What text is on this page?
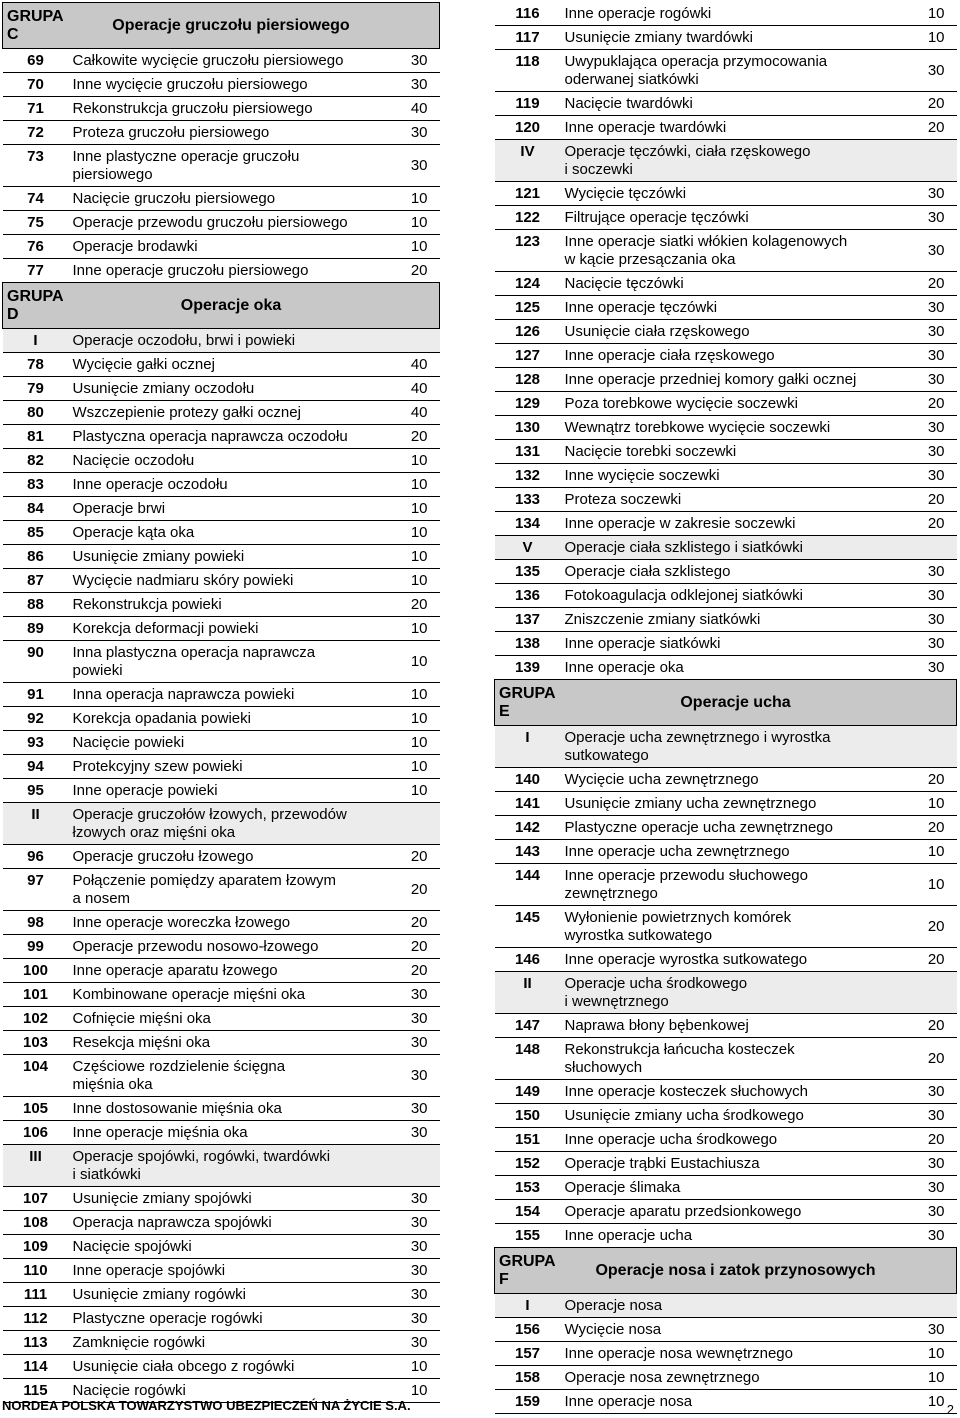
GRUPA
C	Operacje gruczołu piersiowego	
69	Całkowite wycięcie gruczołu piersiowego	30
70	Inne wycięcie gruczołu piersiowego	30
71	Rekonstrukcja gruczołu piersiowego	40
72	Proteza gruczołu piersiowego	30
73	Inne plastyczne operacje gruczołu
piersiowego	30
74	Nacięcie gruczołu piersiowego	10
75	Operacje przewodu gruczołu piersiowego	10
76	Operacje brodawki	10
77	Inne operacje gruczołu piersiowego	20
GRUPA
D	Operacje oka	
I	Operacje oczodołu, brwi i powieki	
78	Wycięcie gałki ocznej	40
79	Usunięcie zmiany oczodołu	40
80	Wszczepienie protezy gałki ocznej	40
81	Plastyczna operacja naprawcza oczodołu	20
82	Nacięcie oczodołu	10
83	Inne operacje oczodołu	10
84	Operacje brwi	10
85	Operacje kąta oka	10
86	Usunięcie zmiany powieki	10
87	Wycięcie nadmiaru skóry powieki	10
88	Rekonstrukcja powieki	20
89	Korekcja deformacji powieki	10
90	Inna plastyczna operacja naprawcza
powieki	10
91	Inna operacja naprawcza powieki	10
92	Korekcja opadania powieki	10
93	Nacięcie powieki	10
94	Protekcyjny szew powieki	10
95	Inne operacje powieki	10
II	Operacje gruczołów łzowych, przewodów
łzowych oraz mięśni oka	
96	Operacje gruczołu łzowego	20
97	Połączenie pomiędzy aparatem łzowym
a nosem	20
98	Inne operacje woreczka łzowego	20
99	Operacje przewodu nosowo-łzowego	20
100	Inne operacje aparatu łzowego	20
101	Kombinowane operacje mięśni oka	30
102	Cofnięcie mięśni oka	30
103	Resekcja mięśni oka	30
104	Częściowe rozdzielenie ścięgna
mięśnia oka	30
105	Inne dostosowanie mięśnia oka	30
106	Inne operacje mięśnia oka	30
III	Operacje spojówki, rogówki, twardówki
i siatkówki	
107	Usunięcie zmiany spojówki	30
108	Operacja naprawcza spojówki	30
109	Nacięcie spojówki	30
110	Inne operacje spojówki	30
111	Usunięcie zmiany rogówki	30
112	Plastyczne operacje rogówki	30
113	Zamknięcie rogówki	30
114	Usunięcie ciała obcego z rogówki	10
115	Nacięcie rogówki	10
116	Inne operacje rogówki	10
117	Usunięcie zmiany twardówki	10
118	Uwypuklająca operacja przymocowania
oderwanej siatkówki	30
119	Nacięcie twardówki	20
120	Inne operacje twardówki	20
IV	Operacje tęczówki, ciała rzęskowego
i soczewki	
121	Wycięcie tęczówki	30
122	Filtrujące operacje tęczówki	30
123	Inne operacje siatki włókien kolagenowych
w kącie przesączania oka	30
124	Nacięcie tęczówki	20
125	Inne operacje tęczówki	30
126	Usunięcie ciała rzęskowego	30
127	Inne operacje ciała rzęskowego	30
128	Inne operacje przedniej komory gałki ocznej	30
129	Poza torebkowe wycięcie soczewki	20
130	Wewnątrz torebkowe wycięcie soczewki	30
131	Nacięcie torebki soczewki	30
132	Inne wycięcie soczewki	30
133	Proteza soczewki	20
134	Inne operacje w zakresie soczewki	20
V	Operacje ciała szklistego i siatkówki	
135	Operacje ciała szklistego	30
136	Fotokoagulacja odklejonej siatkówki	30
137	Zniszczenie zmiany siatkówki	30
138	Inne operacje siatkówki	30
139	Inne operacje oka	30
GRUPA
E	Operacje ucha	
I	Operacje ucha zewnętrznego i wyrostka
sutkowatego	
140	Wycięcie ucha zewnętrznego	20
141	Usunięcie zmiany ucha zewnętrznego	10
142	Plastyczne operacje ucha zewnętrznego	20
143	Inne operacje ucha zewnętrznego	10
144	Inne operacje przewodu słuchowego
zewnętrznego	10
145	Wyłonienie powietrznych komórek
wyrostka sutkowatego	20
146	Inne operacje wyrostka sutkowatego	20
II	Operacje ucha środkowego
i wewnętrznego	
147	Naprawa błony bębenkowej	20
148	Rekonstrukcja łańcucha kosteczek
słuchowych	20
149	Inne operacje kosteczek słuchowych	30
150	Usunięcie zmiany ucha środkowego	30
151	Inne operacje ucha środkowego	20
152	Operacje trąbki Eustachiusza	30
153	Operacje ślimaka	30
154	Operacje aparatu przedsionkowego	30
155	Inne operacje ucha	30
GRUPA
F	Operacje nosa i zatok przynosowych	
I	Operacje nosa	
156	Wycięcie nosa	30
157	Inne operacje nosa wewnętrznego	10
158	Operacje nosa zewnętrznego	10
159	Inne operacje nosa	10
NORDEA POLSKA TOWARZYSTWO UBEZPIECZEŃ NA ŻYCIE S.A.	2
